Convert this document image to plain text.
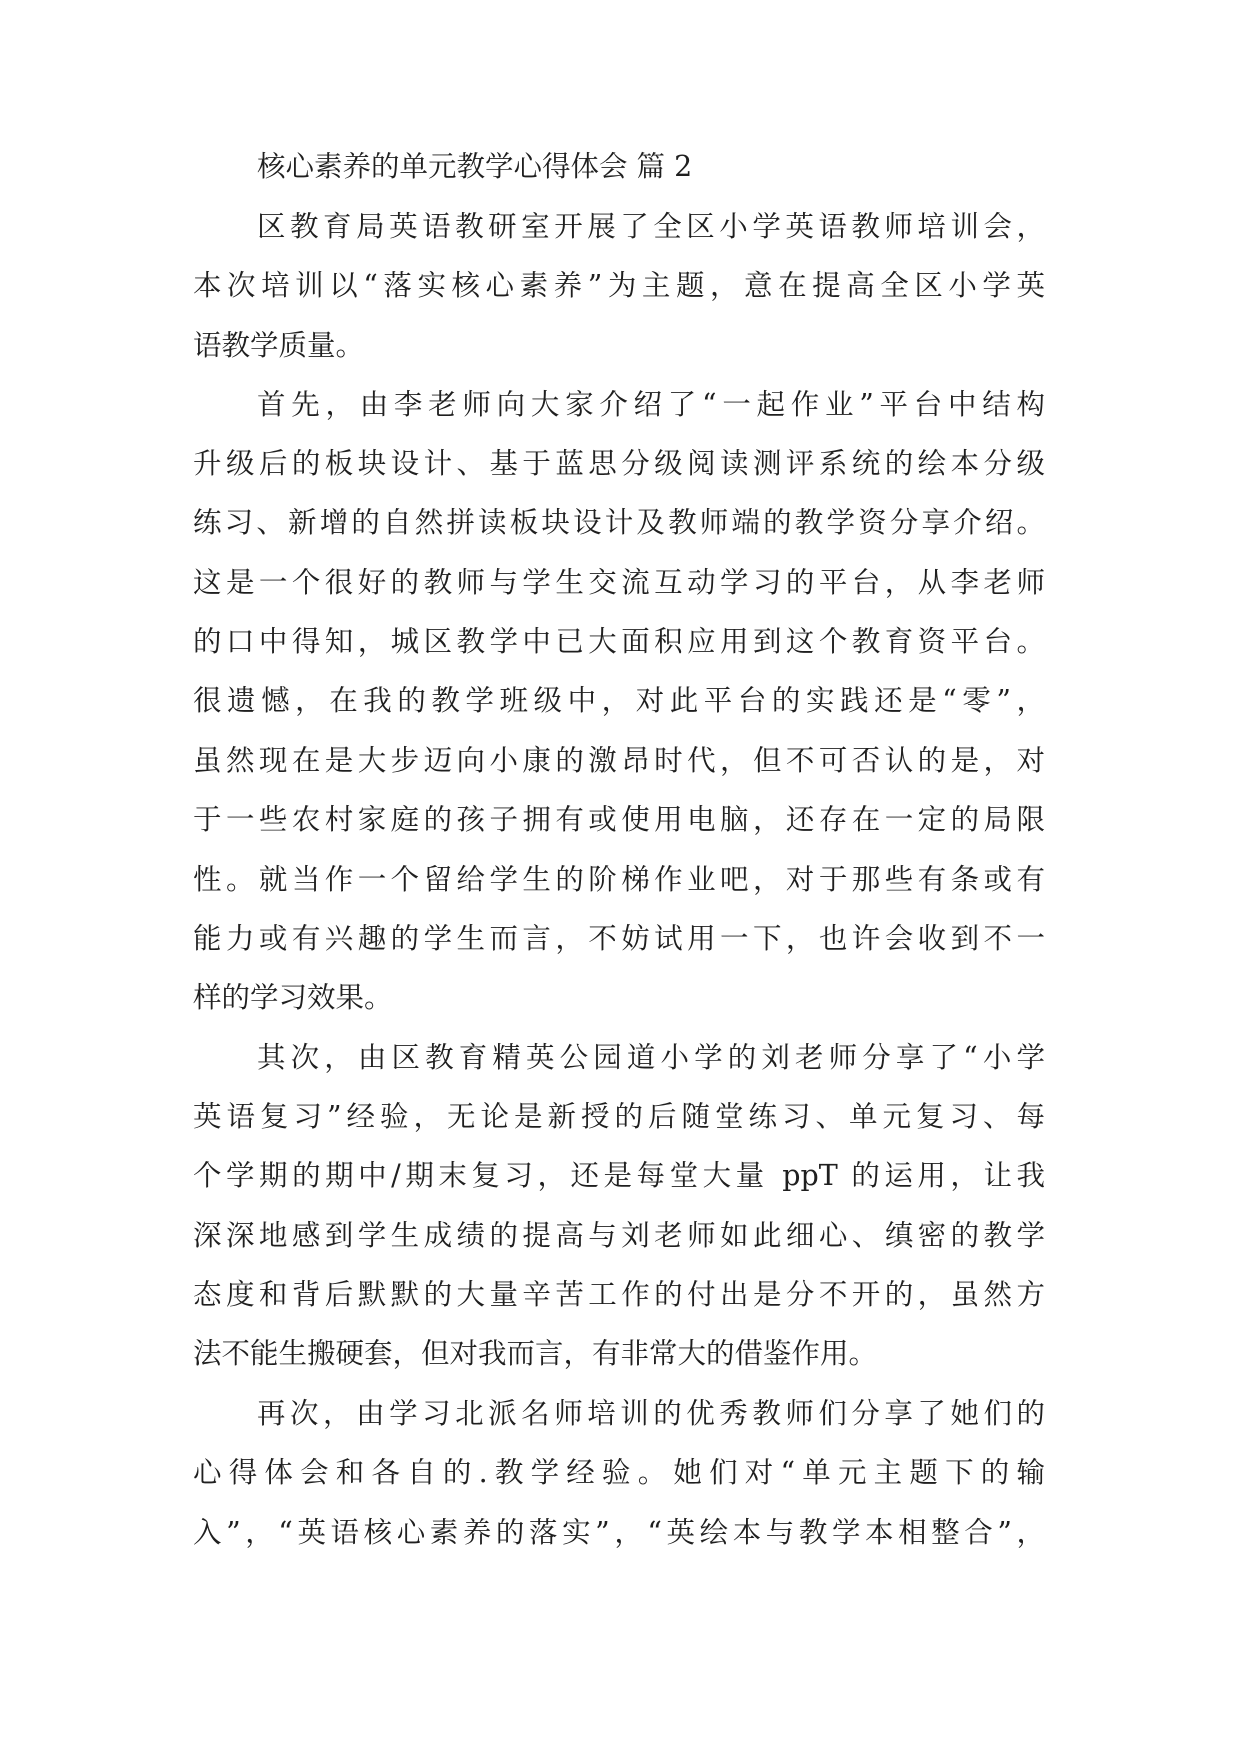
核心素养的单元教学心得体会 篇 2
区教育局英语教研室开展了全区小学英语教师培训会，
本次培训以“落实核心素养”为主题，意在提高全区小学英
语教学质量。
首先，由李老师向大家介绍了“一起作业”平台中结构
升级后的板块设计、基于蓝思分级阅读测评系统的绘本分级
练习、新增的自然拼读板块设计及教师端的教学资分享介绍。
这是一个很好的教师与学生交流互动学习的平台，从李老师
的口中得知，城区教学中已大面积应用到这个教育资平台。
很遗憾，在我的教学班级中，对此平台的实践还是“零”，
虽然现在是大步迈向小康的激昂时代，但不可否认的是，对
于一些农村家庭的孩子拥有或使用电脑，还存在一定的局限
性。就当作一个留给学生的阶梯作业吧，对于那些有条或有
能力或有兴趣的学生而言，不妨试用一下，也许会收到不一
样的学习效果。
其次，由区教育精英公园道小学的刘老师分享了“小学
英语复习”经验，无论是新授的后随堂练习、单元复习、每
个学期的期中/期末复习，还是每堂大量 ppT 的运用，让我
深深地感到学生成绩的提高与刘老师如此细心、缜密的教学
态度和背后默默的大量辛苦工作的付出是分不开的，虽然方
法不能生搬硬套，但对我而言，有非常大的借鉴作用。
再次，由学习北派名师培训的优秀教师们分享了她们的
心得体会和各自的.教学经验。她们对“单元主题下的输
入”，“英语核心素养的落实”，“英绘本与教学本相整合”，
